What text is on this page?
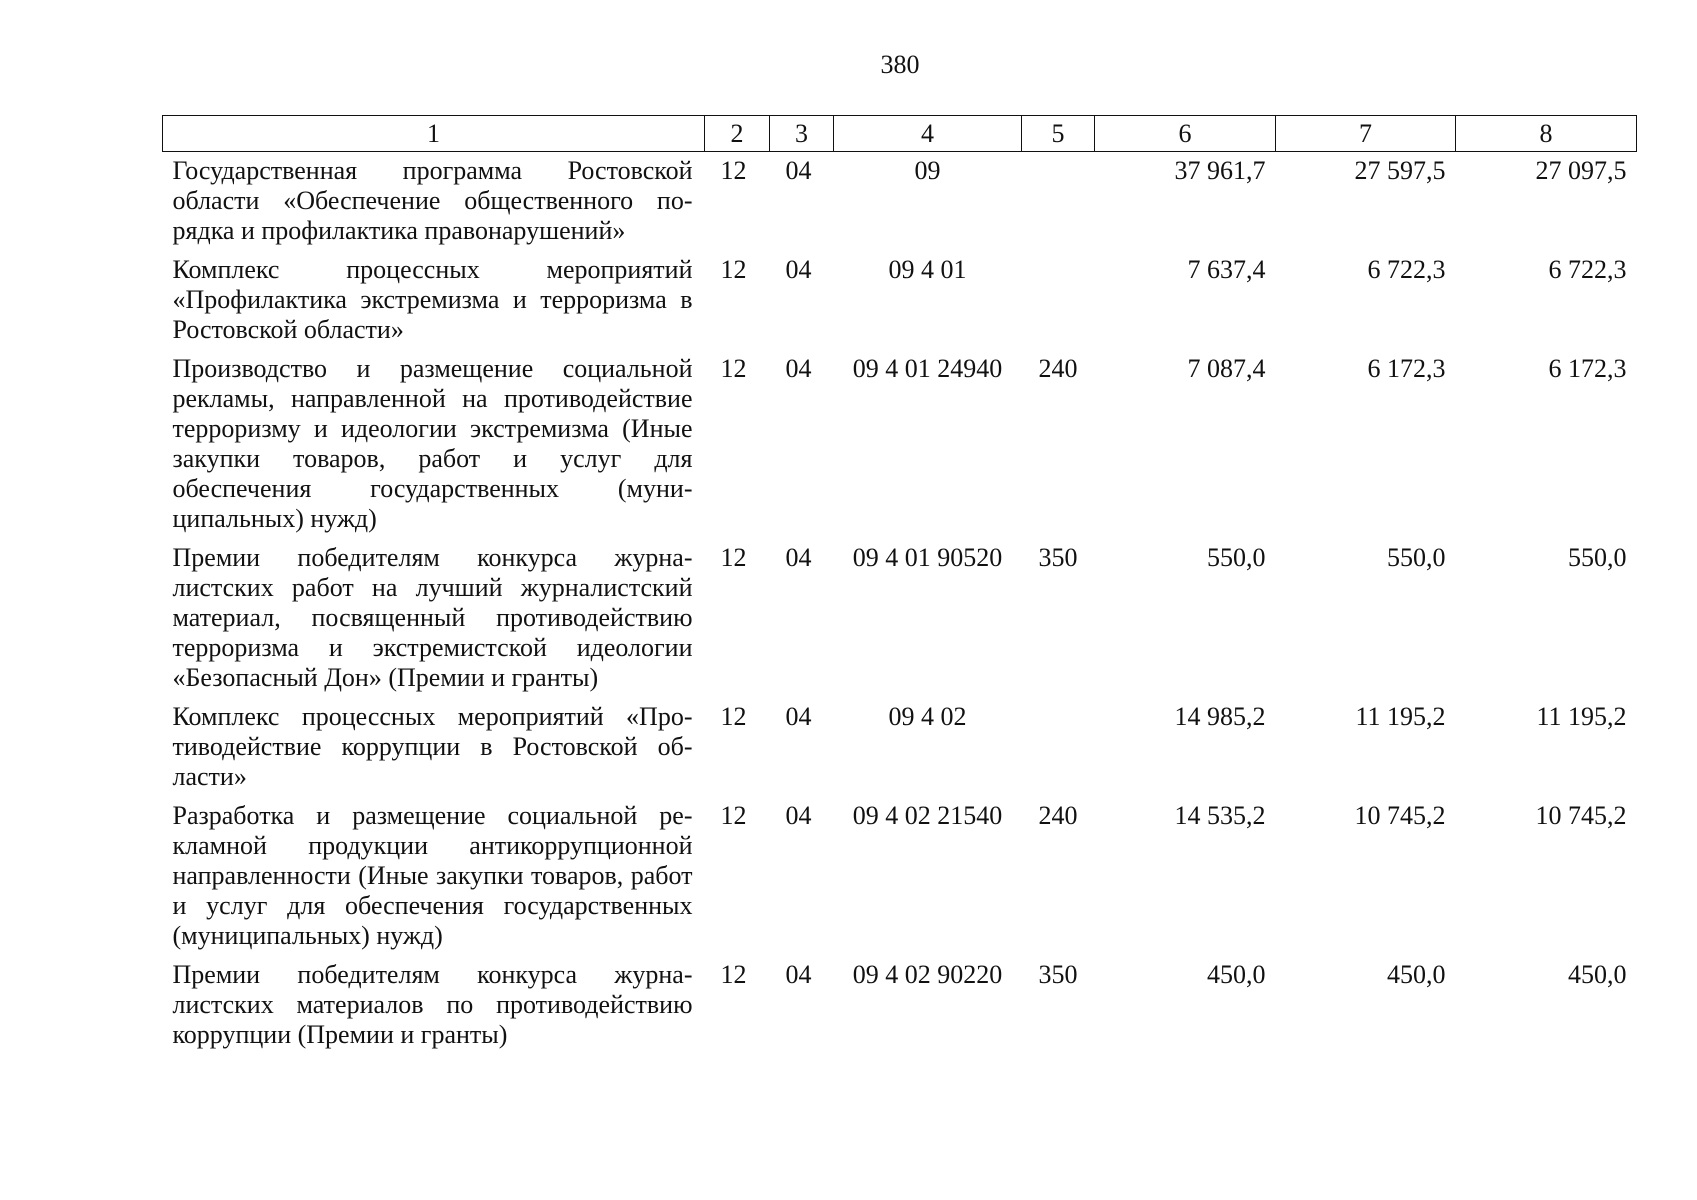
380
1	2	3	4	5	6	7	8
Государственная программа Ростовской области «Обеспечение общественного порядка и профилактика правонарушений»	12	04	09		37 961,7	27 597,5	27 097,5
Комплекс процессных мероприятий «Профилактика экстремизма и терроризма в Ростовской области»	12	04	09 4 01		7 637,4	6 722,3	6 722,3
Производство и размещение социальной рекламы, направленной на противодействие терроризму и идеологии экстремизма (Иные закупки товаров, работ и услуг для обеспечения государственных (муниципальных) нужд)	12	04	09 4 01 24940	240	7 087,4	6 172,3	6 172,3
Премии победителям конкурса журналистских работ на лучший журналистский материал, посвященный противодействию терроризма и экстремистской идеологии «Безопасный Дон» (Премии и гранты)	12	04	09 4 01 90520	350	550,0	550,0	550,0
Комплекс процессных мероприятий «Противодействие коррупции в Ростовской области»	12	04	09 4 02		14 985,2	11 195,2	11 195,2
Разработка и размещение социальной рекламной продукции антикоррупционной направленности (Иные закупки товаров, работ и услуг для обеспечения государственных (муниципальных) нужд)	12	04	09 4 02 21540	240	14 535,2	10 745,2	10 745,2
Премии победителям конкурса журналистских материалов по противодействию коррупции (Премии и гранты)	12	04	09 4 02 90220	350	450,0	450,0	450,0
